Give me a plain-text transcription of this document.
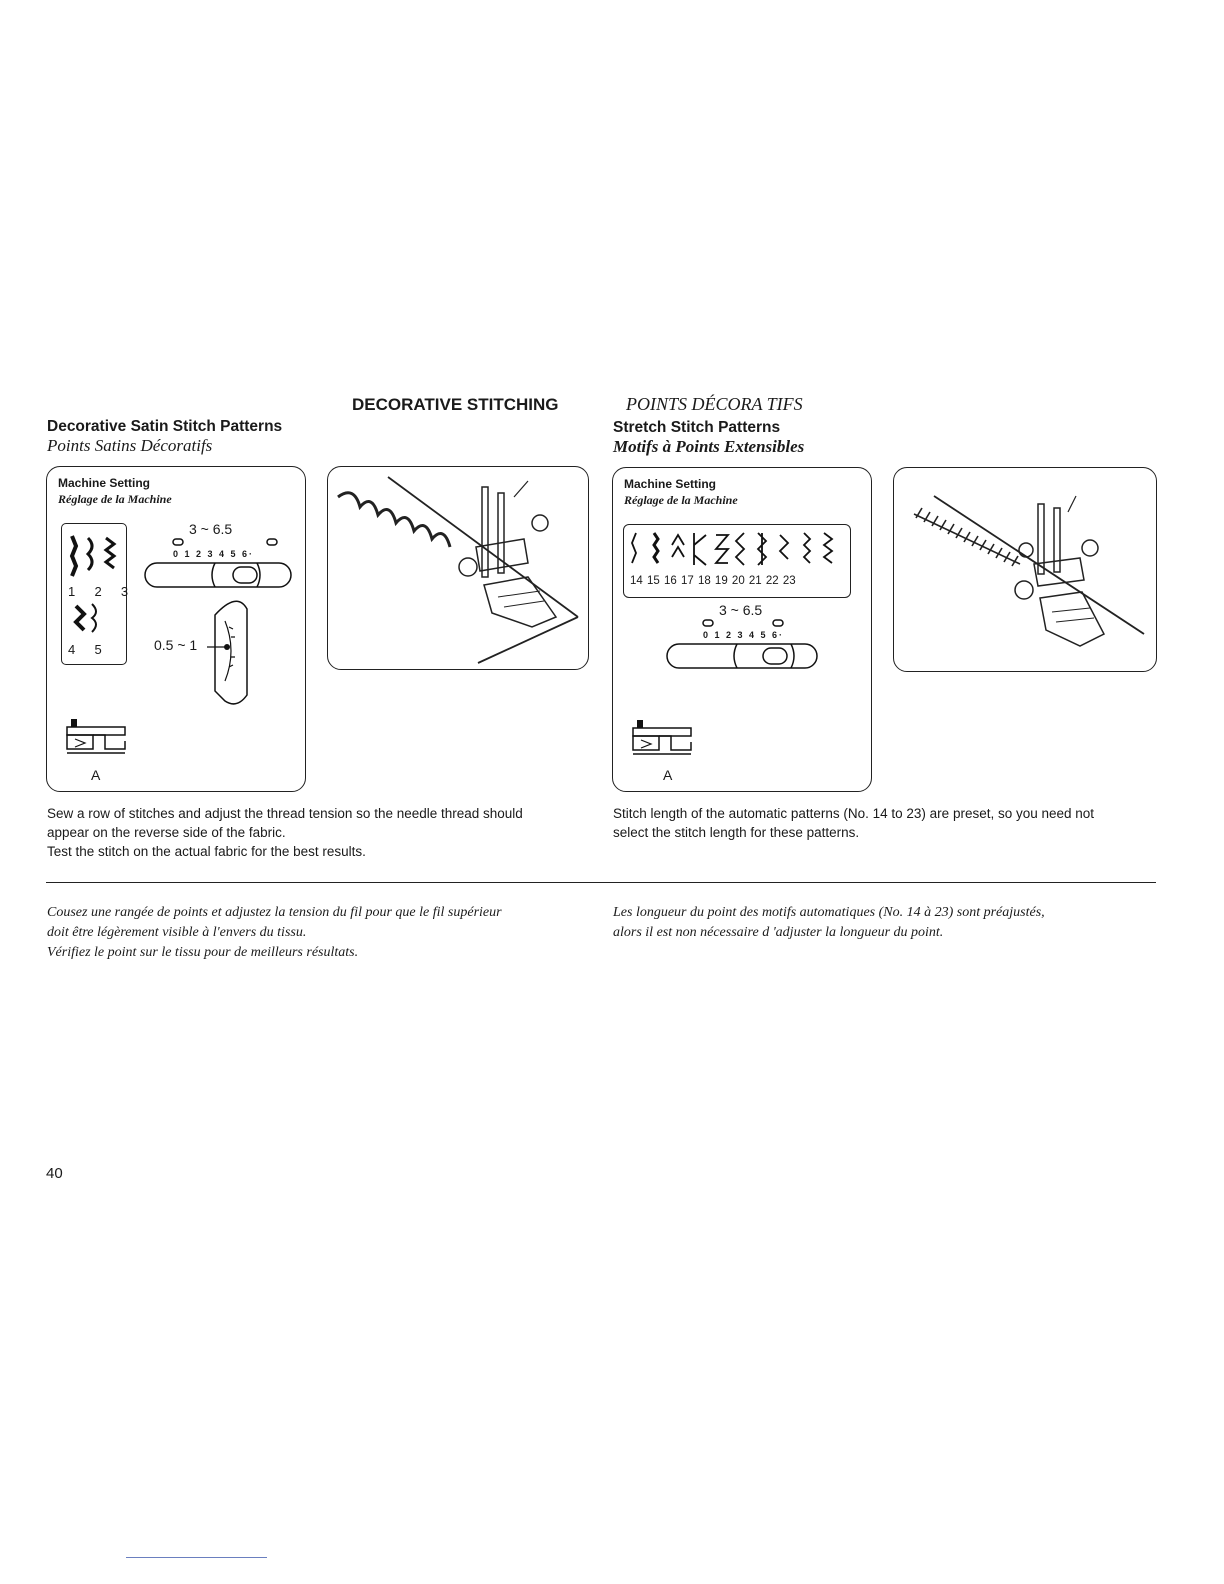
DECORATIVE STITCHING	POINTS DÉCORA TIFS
Decorative Satin Stitch Patterns
Points Satins Décoratifs
Stretch Stitch Patterns
Motifs à Points Extensibles
Machine Setting
Réglage de la Machine
1  2  3
4  5
3 ~ 6.5
0 1 2 3 4 5 6·
0.5 ~ 1
A
Machine Setting
Réglage de la Machine
14 15 16 17 18 19 20 21 22 23
3 ~ 6.5
0 1 2 3 4 5 6·
A
Sew a row of stitches and adjust the thread tension so the needle thread should
appear on the reverse side of the fabric.
Test the stitch on the actual fabric for the best results.
Stitch length of the automatic patterns (No. 14 to 23) are preset, so you need not
select the stitch length for these patterns.
Cousez une rangée de points et adjustez la tension du fil pour que le fil supérieur
doit être légèrement visible à l'envers du tissu.
Vérifiez le point sur le tissu pour de meilleurs résultats.
Les longueur du point des motifs automatiques (No. 14 à 23) sont préajustés,
alors il est non nécessaire d 'adjuster la longueur du point.
40
